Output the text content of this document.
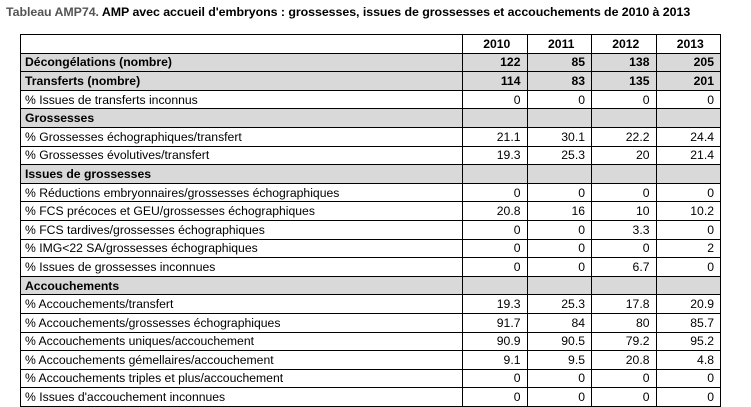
Tableau AMP74. AMP avec accueil d'embryons : grossesses, issues de grossesses et accouchements de 2010 à 2013
	2010	2011	2012	2013
Décongélations (nombre)	122	85	138	205
Transferts (nombre)	114	83	135	201
% Issues de transferts inconnus	0	0	0	0
Grossesses				
% Grossesses échographiques/transfert	21.1	30.1	22.2	24.4
% Grossesses évolutives/transfert	19.3	25.3	20	21.4
Issues de grossesses				
% Réductions embryonnaires/grossesses échographiques	0	0	0	0
% FCS précoces et GEU/grossesses échographiques	20.8	16	10	10.2
% FCS tardives/grossesses échographiques	0	0	3.3	0
% IMG<22 SA/grossesses échographiques	0	0	0	2
% Issues de grossesses inconnues	0	0	6.7	0
Accouchements				
% Accouchements/transfert	19.3	25.3	17.8	20.9
% Accouchements/grossesses échographiques	91.7	84	80	85.7
% Accouchements uniques/accouchement	90.9	90.5	79.2	95.2
% Accouchements gémellaires/accouchement	9.1	9.5	20.8	4.8
% Accouchements triples et plus/accouchement	0	0	0	0
% Issues d'accouchement inconnues	0	0	0	0
